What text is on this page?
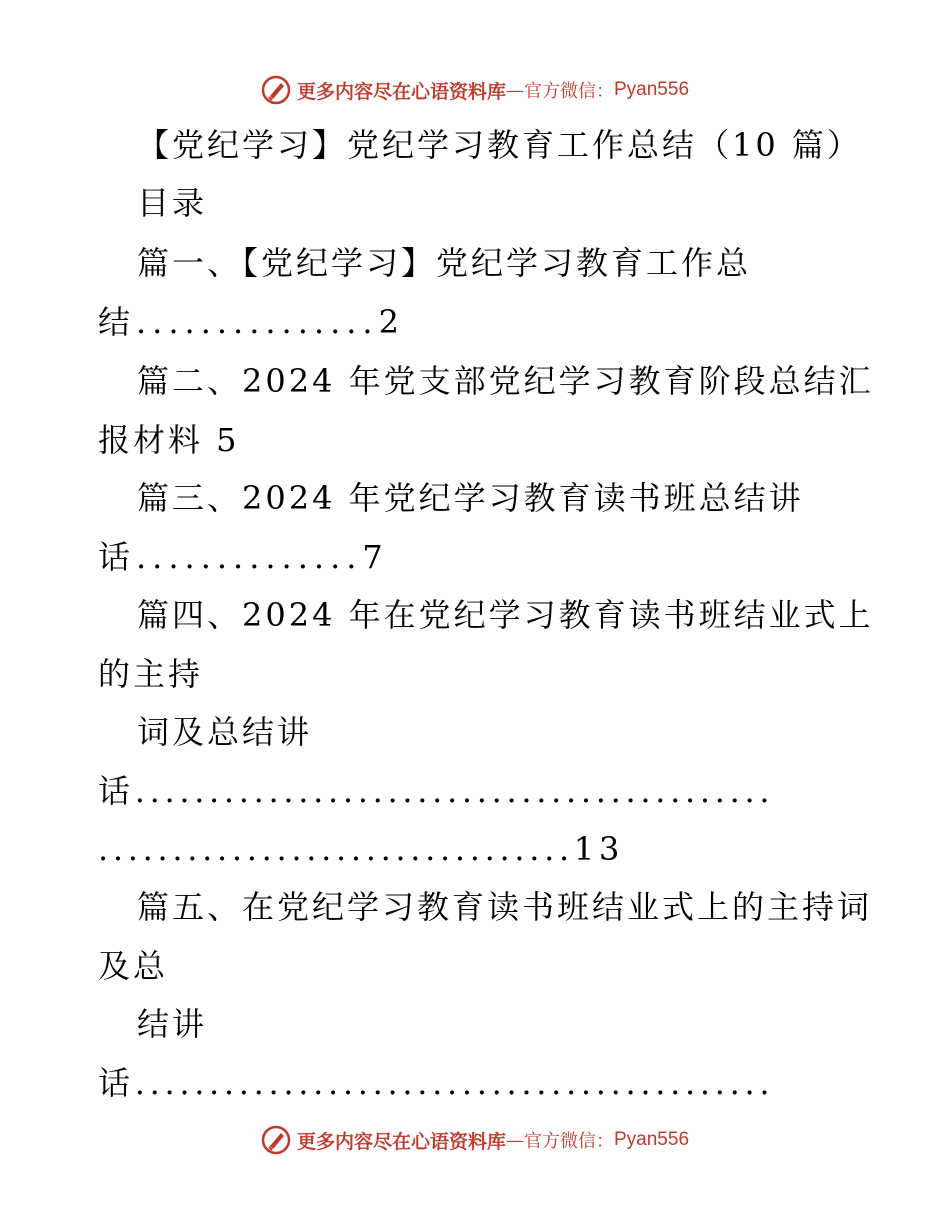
更多内容尽在心语资料库 — 官方微信： Pyan556
【党纪学习】党纪学习教育工作总结（10 篇）
目录
篇一、【党纪学习】党纪学习教育工作总
结...............2
篇二、2024 年党支部党纪学习教育阶段总结汇
报材料 5
篇三、2024 年党纪学习教育读书班总结讲
话..............7
篇四、2024 年在党纪学习教育读书班结业式上
的主持
词及总结讲
话...........................................
................................13
篇五、在党纪学习教育读书班结业式上的主持词
及总
结讲
话...........................................
更多内容尽在心语资料库 — 官方微信： Pyan556
